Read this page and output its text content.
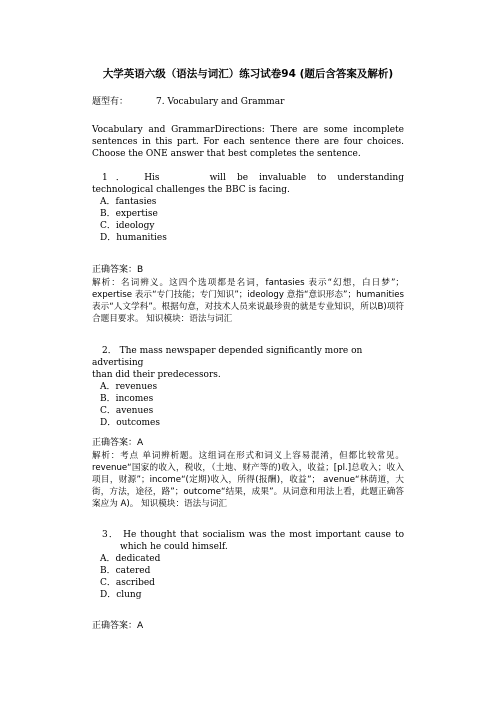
大学英语六级（语法与词汇）练习试卷94 (题后含答案及解析)
题型有：	7. Vocabulary and Grammar
Vocabulary and GrammarDirections: There are some incomplete sentences in this part. For each sentence there are four choices. Choose the ONE answer that best completes the sentence.
1． His	will be invaluable to understanding technological challenges the BBC is facing.
A．fantasies
B．expertise
C．ideology
D．humanities
正确答案：B
解析：名词辨义。这四个选项都是名词，fantasies 表示“幻想，白日梦”；expertise 表示“专门技能；专门知识”；ideology 意指“意识形态”；humanities 表示“人文学科”。根据句意，对技术人员来说最珍贵的就是专业知识，所以B)项符合题目要求。 知识模块：语法与词汇
2． The mass newspaper depended significantly more on advertising
than did their predecessors.
A．revenues
B．incomes
C．avenues
D．outcomes
正确答案：A
解析：考点 单词辨析题。这组词在形式和词义上容易混淆，但都比较常见。revenue“国家的收入，税收，（土地、财产等的)收入，收益；[pl.]总收入；收入项目，财源”；income“(定期)收入，所得(报酬)，收益”； avenue“林荫道，大街，方法，途径，路”；outcome“结果，成果”。从词意和用法上看，此题正确答案应为 A)。 知识模块：语法与词汇
3． He thought that socialism was the most important cause to which he could himself.
A．dedicated
B．catered
C．ascribed
D．clung
正确答案：A
